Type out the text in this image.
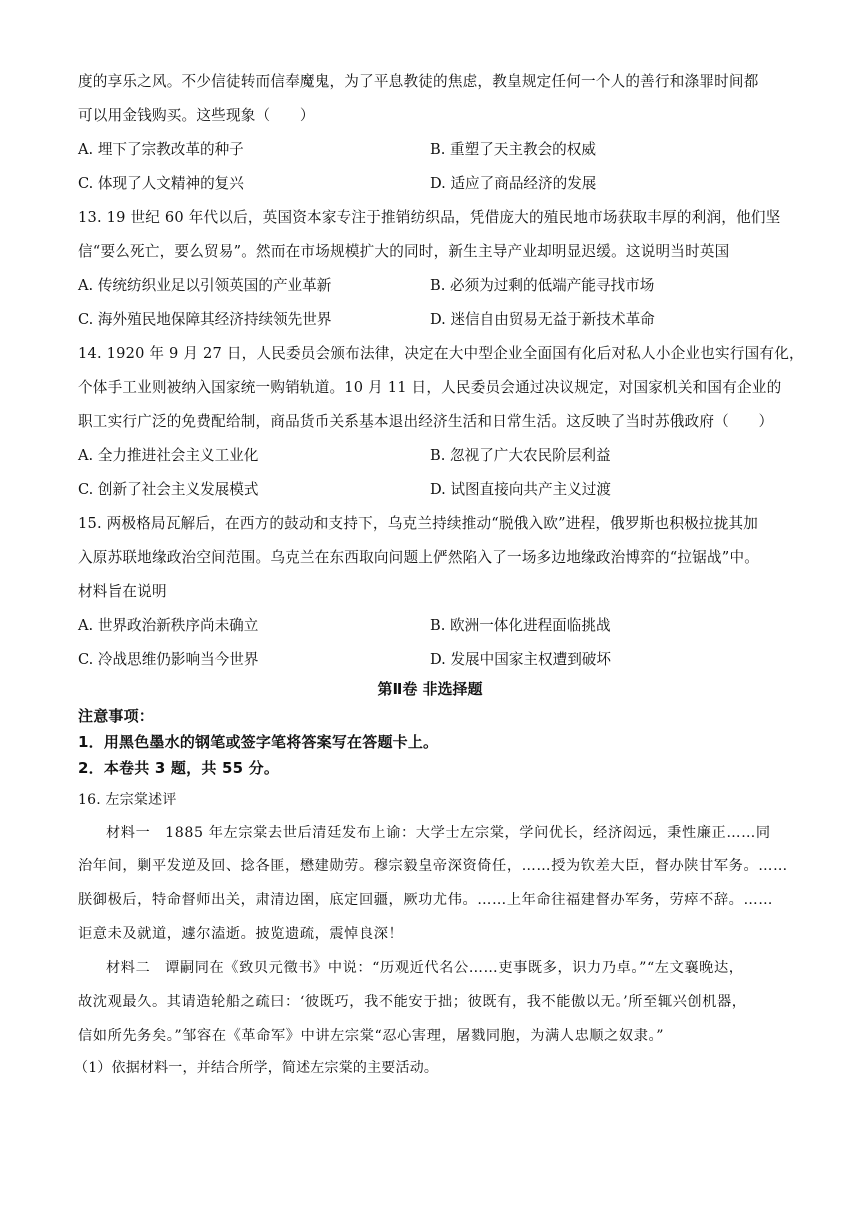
度的享乐之风。不少信徒转而信奉魔鬼，为了平息教徒的焦虑，教皇规定任何一个人的善行和涤罪时间都
可以用金钱购买。这些现象（　　）
A. 埋下了宗教改革的种子	B. 重塑了天主教会的权威
C. 体现了人文精神的复兴	D. 适应了商品经济的发展
13. 19 世纪 60 年代以后，英国资本家专注于推销纺织品，凭借庞大的殖民地市场获取丰厚的利润，他们坚
信“要么死亡，要么贸易”。然而在市场规模扩大的同时，新生主导产业却明显迟缓。这说明当时英国
A. 传统纺织业足以引领英国的产业革新	B. 必须为过剩的低端产能寻找市场
C. 海外殖民地保障其经济持续领先世界	D. 迷信自由贸易无益于新技术革命
14. 1920 年 9 月 27 日，人民委员会颁布法律，决定在大中型企业全面国有化后对私人小企业也实行国有化，
个体手工业则被纳入国家统一购销轨道。10 月 11 日，人民委员会通过决议规定，对国家机关和国有企业的
职工实行广泛的免费配给制，商品货币关系基本退出经济生活和日常生活。这反映了当时苏俄政府（　　）
A. 全力推进社会主义工业化	B. 忽视了广大农民阶层利益
C. 创新了社会主义发展模式	D. 试图直接向共产主义过渡
15. 两极格局瓦解后，在西方的鼓动和支持下，乌克兰持续推动“脱俄入欧”进程，俄罗斯也积极拉拢其加
入原苏联地缘政治空间范围。乌克兰在东西取向问题上俨然陷入了一场多边地缘政治博弈的“拉锯战”中。
材料旨在说明
A. 世界政治新秩序尚未确立	B. 欧洲一体化进程面临挑战
C. 冷战思维仍影响当今世界	D. 发展中国家主权遭到破坏
第Ⅱ卷 非选择题
注意事项：
1．用黑色墨水的钢笔或签字笔将答案写在答题卡上。
2．本卷共 3 题，共 55 分。
16. 左宗棠述评
材料一　1885 年左宗棠去世后清廷发布上谕：大学士左宗棠，学问优长，经济闳远，秉性廉正……同
治年间，剿平发逆及回、捻各匪，懋建勋劳。穆宗毅皇帝深资倚任，……授为钦差大臣，督办陕甘军务。……
朕御极后，特命督师出关，肃清边圉，底定回疆，厥功尤伟。……上年命往福建督办军务，劳瘁不辞。……
讵意未及就道，遽尔溘逝。披览遗疏，震悼良深！
材料二　谭嗣同在《致贝元徵书》中说：“历观近代名公……吏事既多，识力乃卓。”“左文襄晚达，
故沈观最久。其请造轮船之疏曰：‘彼既巧，我不能安于拙；彼既有，我不能傲以无。’所至辄兴创机器，
信如所先务矣。”邹容在《革命军》中讲左宗棠“忍心害理，屠戮同胞，为满人忠顺之奴隶。”
（1）依据材料一，并结合所学，简述左宗棠的主要活动。
